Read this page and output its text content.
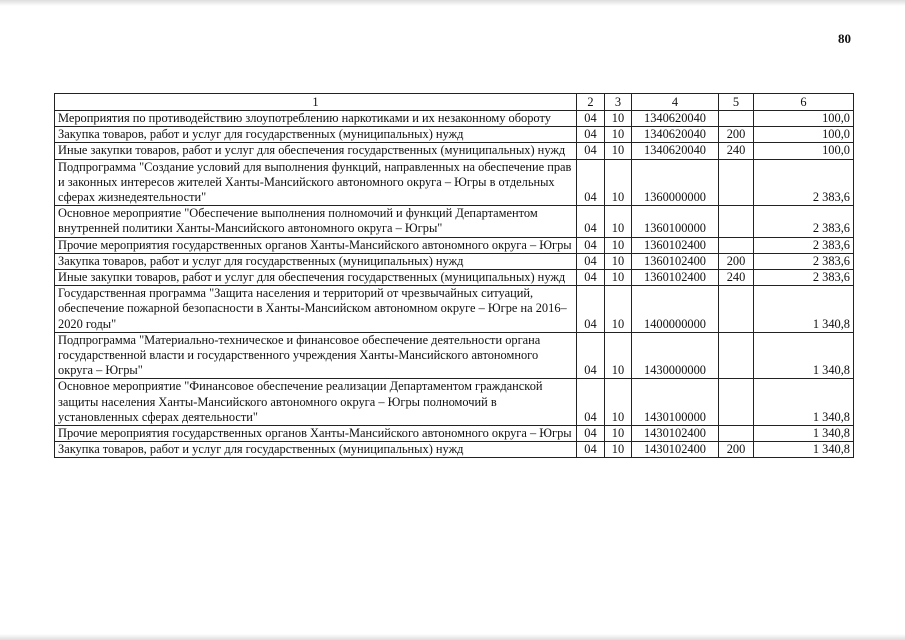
80
1	2	3	4	5	6
Мероприятия по противодействию злоупотреблению наркотиками и их незаконному обороту	04	10	1340620040		100,0
Закупка товаров, работ и услуг для государственных (муниципальных) нужд	04	10	1340620040	200	100,0
Иные закупки товаров, работ и услуг для обеспечения государственных (муниципальных) нужд	04	10	1340620040	240	100,0
Подпрограмма "Создание условий для выполнения функций, направленных на обеспечение прав и законных интересов жителей Ханты-Мансийского автономного округа – Югры в отдельных сферах жизнедеятельности"	04	10	1360000000		2 383,6
Основное мероприятие "Обеспечение выполнения полномочий и функций Департаментом внутренней политики Ханты-Мансийского автономного округа – Югры"	04	10	1360100000		2 383,6
Прочие мероприятия государственных органов Ханты-Мансийского автономного округа – Югры	04	10	1360102400		2 383,6
Закупка товаров, работ и услуг для государственных (муниципальных) нужд	04	10	1360102400	200	2 383,6
Иные закупки товаров, работ и услуг для обеспечения государственных (муниципальных) нужд	04	10	1360102400	240	2 383,6
Государственная программа "Защита населения и территорий от чрезвычайных ситуаций, обеспечение пожарной безопасности в Ханты-Мансийском автономном округе – Югре на 2016–2020 годы"	04	10	1400000000		1 340,8
Подпрограмма "Материально-техническое и финансовое обеспечение деятельности органа государственной власти и государственного учреждения Ханты-Мансийского автономного округа – Югры"	04	10	1430000000		1 340,8
Основное мероприятие "Финансовое обеспечение реализации Департаментом гражданской защиты населения Ханты-Мансийского автономного округа – Югры полномочий в установленных сферах деятельности"	04	10	1430100000		1 340,8
Прочие мероприятия государственных органов Ханты-Мансийского автономного округа – Югры	04	10	1430102400		1 340,8
Закупка товаров, работ и услуг для государственных (муниципальных) нужд	04	10	1430102400	200	1 340,8
